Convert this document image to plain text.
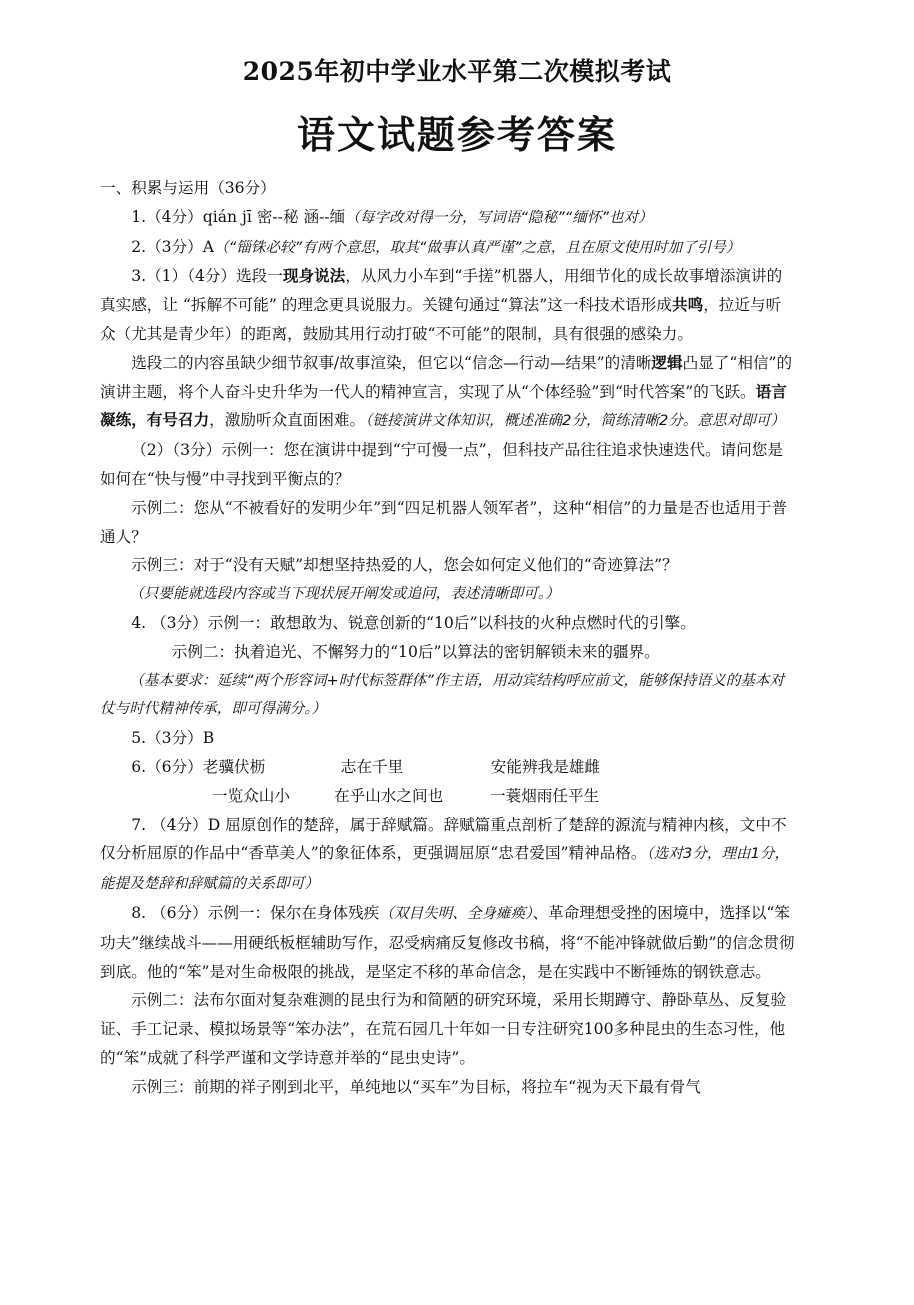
2025年初中学业水平第二次模拟考试
语文试题参考答案

一、积累与运用（36分）

1.（4分）qián jī 密--秘 涵--缅（每字改对得一分，写词语“隐秘”“缅怀”也对）

2.（3分）A（“锱铢必较”有两个意思，取其“做事认真严谨”之意，且在原文使用时加了引号）

3.（1）（4分）选段一现身说法，从风力小车到“手搓”机器人，用细节化的成长故事增添演讲的真实感，让 “拆解不可能” 的理念更具说服力。关键句通过“算法”这一科技术语形成共鸣，拉近与听众（尤其是青少年）的距离，鼓励其用行动打破“不可能”的限制，具有很强的感染力。

选段二的内容虽缺少细节叙事/故事渲染，但它以“信念—行动—结果”的清晰逻辑凸显了“相信”的演讲主题，将个人奋斗史升华为一代人的精神宣言，实现了从“个体经验”到“时代答案”的飞跃。语言凝练，有号召力，激励听众直面困难。（链接演讲文体知识，概述准确2分，简练清晰2分。意思对即可）

（2）（3分）示例一：您在演讲中提到“宁可慢一点”，但科技产品往往追求快速迭代。请问您是如何在“快与慢”中寻找到平衡点的？

示例二：您从“不被看好的发明少年”到“四足机器人领军者”，这种“相信”的力量是否也适用于普通人？

示例三：对于“没有天赋”却想坚持热爱的人，您会如何定义他们的“奇迹算法”？

（只要能就选段内容或当下现状展开阐发或追问，表述清晰即可。）

4. （3分）示例一：敢想敢为、锐意创新的“10后”以科技的火种点燃时代的引擎。

示例二：执着追光、不懈努力的“10后”以算法的密钥解锁未来的疆界。

（基本要求：延续“两个形容词+时代标签群体”作主语，用动宾结构呼应前文，能够保持语义的基本对仗与时代精神传承，即可得满分。）

5.（3分）B

6.（6分） 老骥伏枥	志在千里	安能辨我是雄雌
一览众山小	在乎山水之间也	一蓑烟雨任平生

7. （4分）D 屈原创作的楚辞，属于辞赋篇。辞赋篇重点剖析了楚辞的源流与精神内核，文中不仅分析屈原的作品中“香草美人”的象征体系，更强调屈原“忠君爱国”精神品格。（选对3分，理由1分，能提及楚辞和辞赋篇的关系即可）

8. （6分）示例一：保尔在身体残疾（双目失明、全身瘫痪）、革命理想受挫的困境中，选择以“笨功夫”继续战斗——用硬纸板框辅助写作，忍受病痛反复修改书稿，将“不能冲锋就做后勤”的信念贯彻到底。他的“笨”是对生命极限的挑战，是坚定不移的革命信念，是在实践中不断锤炼的钢铁意志。

示例二：法布尔面对复杂难测的昆虫行为和简陋的研究环境，采用长期蹲守、静卧草丛、反复验证、手工记录、模拟场景等“笨办法”，在荒石园几十年如一日专注研究100多种昆虫的生态习性，他的“笨”成就了科学严谨和文学诗意并举的“昆虫史诗”。

示例三：前期的祥子刚到北平，单纯地以“买车”为目标，将拉车“视为天下最有骨气
